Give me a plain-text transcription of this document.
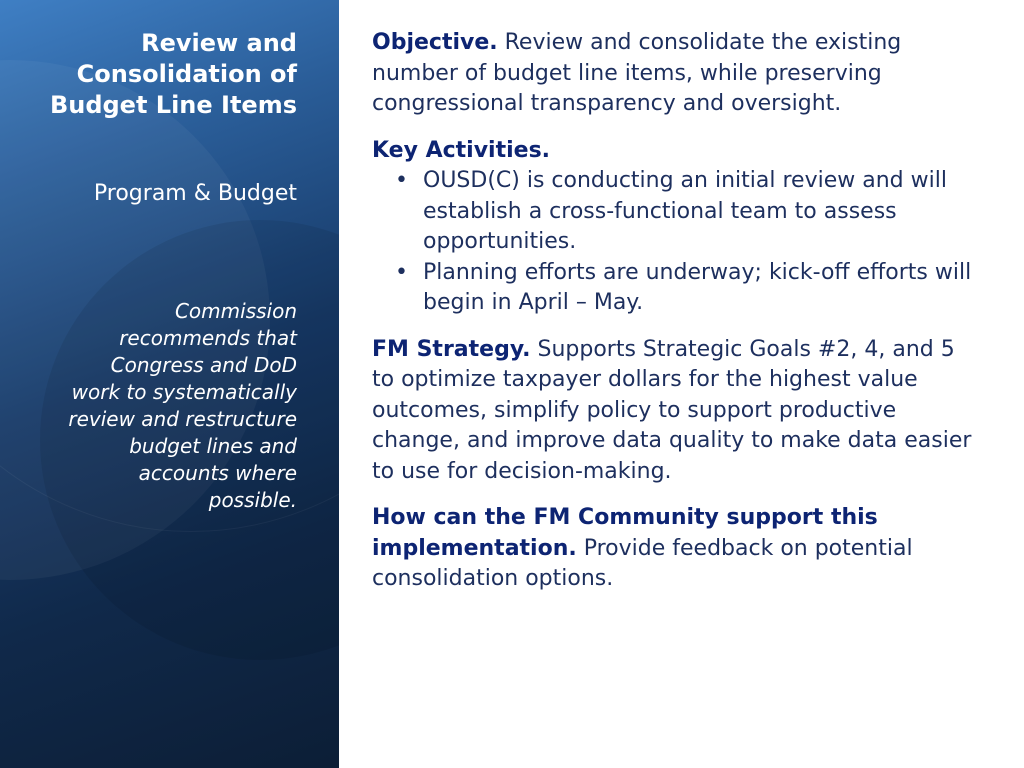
Review and
Consolidation of
Budget Line Items
Program & Budget
Commission
recommends that
Congress and DoD
work to systematically
review and restructure
budget lines and
accounts where
possible.

Objective. Review and consolidate the existing number of budget line items, while preserving congressional transparency and oversight.

Key Activities.
• OUSD(C) is conducting an initial review and will establish a cross-functional team to assess opportunities.
• Planning efforts are underway; kick-off efforts will begin in April – May.

FM Strategy. Supports Strategic Goals #2, 4, and 5 to optimize taxpayer dollars for the highest value outcomes, simplify policy to support productive change, and improve data quality to make data easier to use for decision-making.

How can the FM Community support this implementation. Provide feedback on potential consolidation options.
